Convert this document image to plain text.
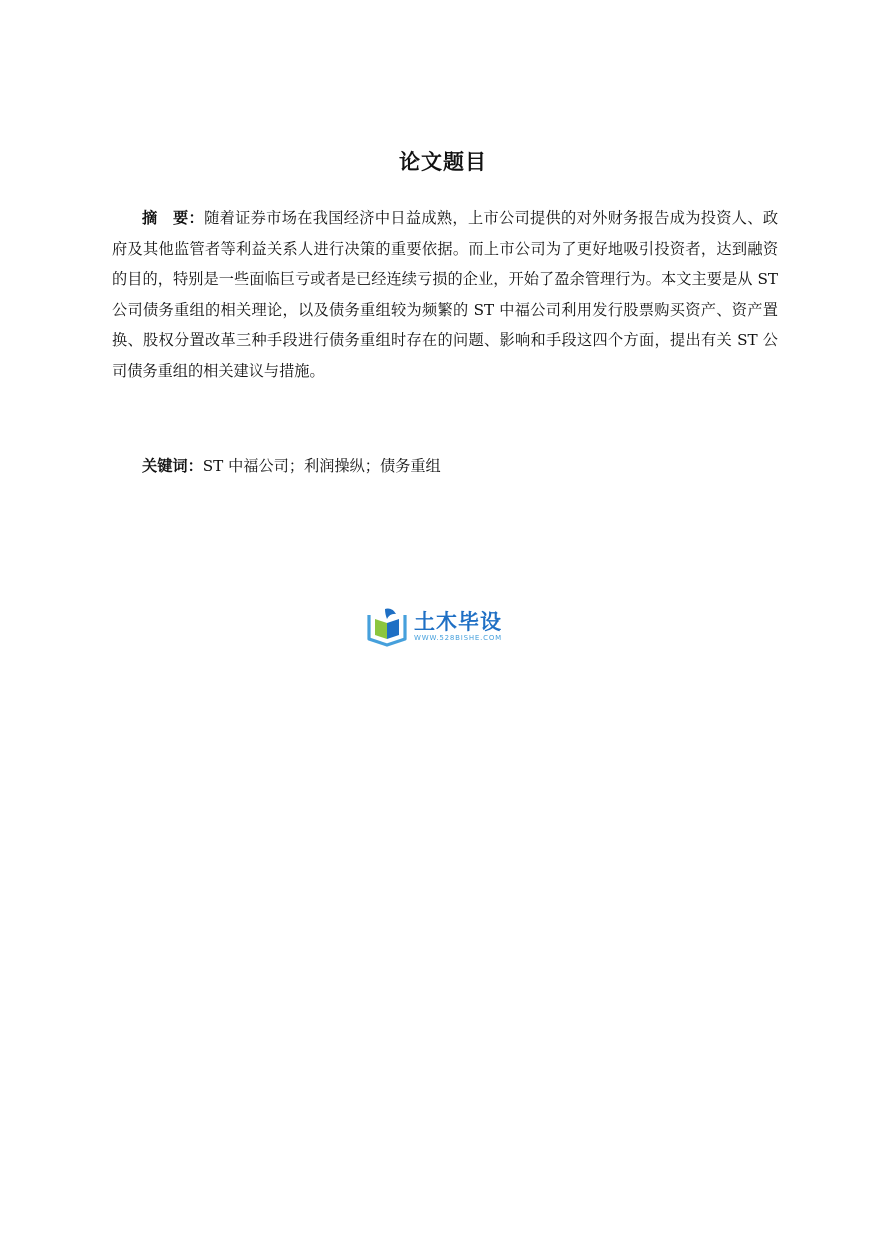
论文题目

摘　要：随着证券市场在我国经济中日益成熟，上市公司提供的对外财务报告成为投资人、政府及其他监管者等利益关系人进行决策的重要依据。而上市公司为了更好地吸引投资者，达到融资的目的，特别是一些面临巨亏或者是已经连续亏损的企业，开始了盈余管理行为。本文主要是从 ST 公司债务重组的相关理论，以及债务重组较为频繁的 ST 中福公司利用发行股票购买资产、资产置换、股权分置改革三种手段进行债务重组时存在的问题、影响和手段这四个方面，提出有关 ST 公司债务重组的相关建议与措施。

关键词：ST 中福公司；利润操纵；债务重组

土木毕设
WWW.528BISHE.COM
